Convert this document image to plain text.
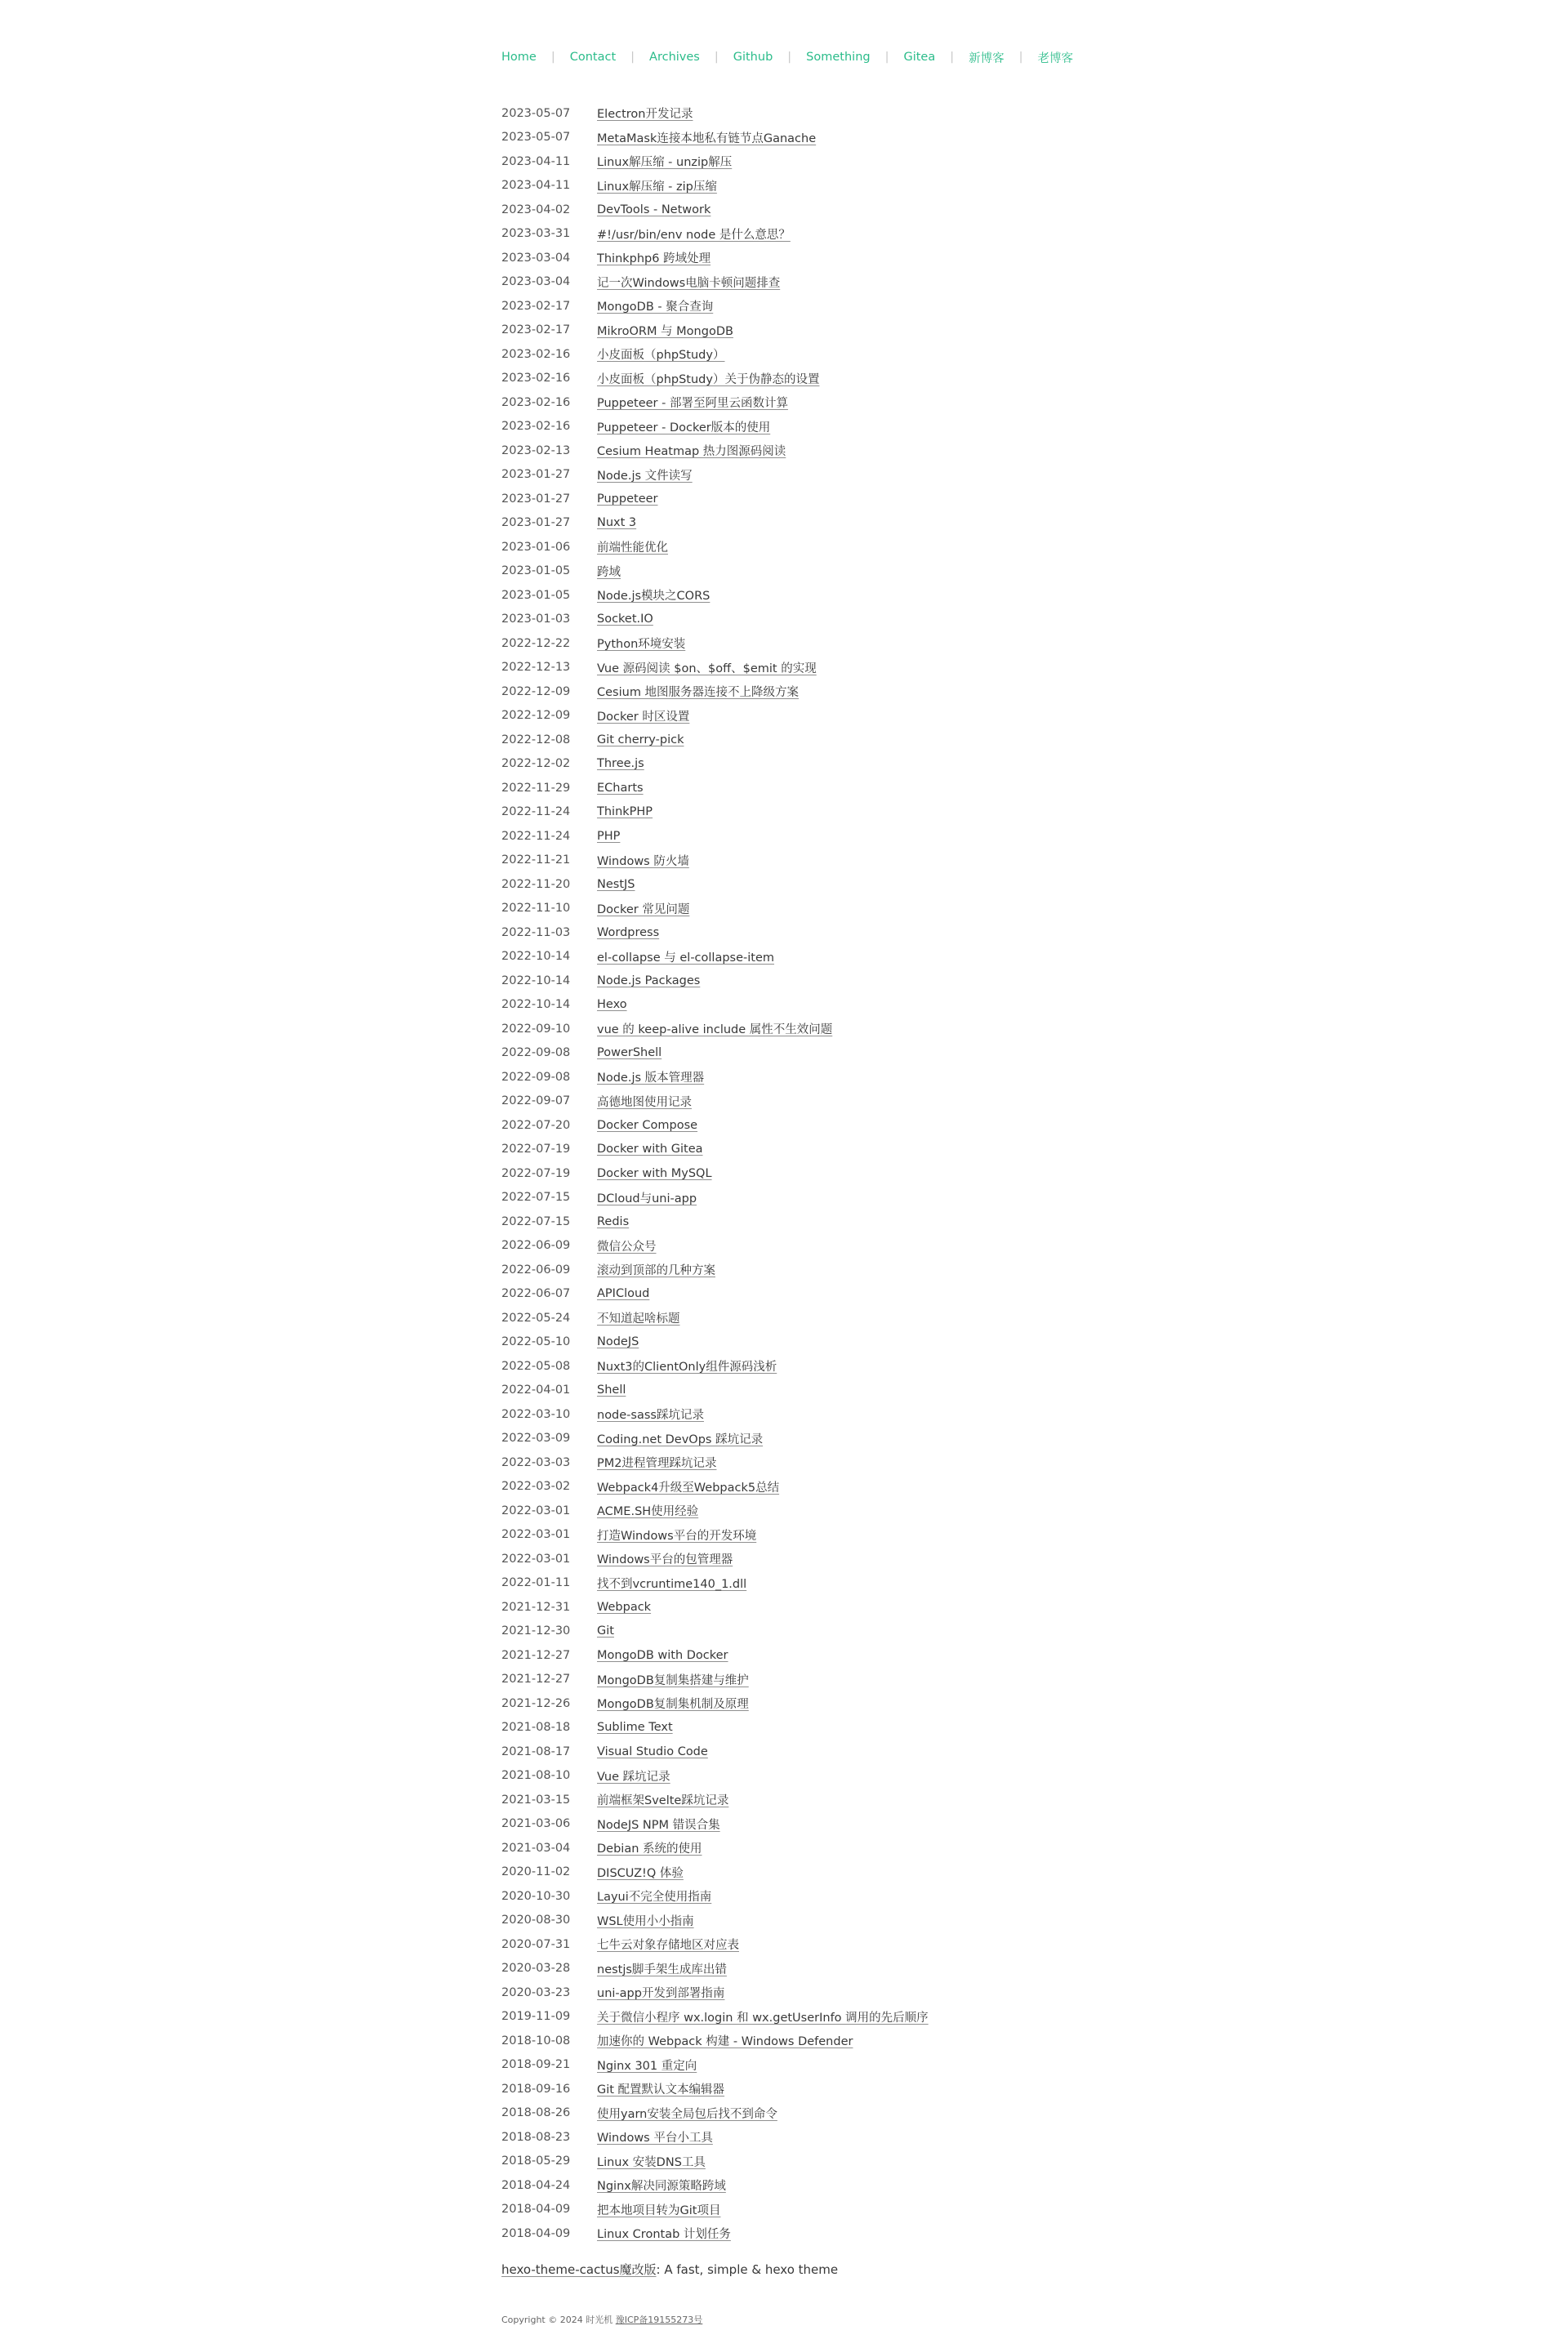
Home | Contact | Archives | Github | Something | Gitea | 新博客 | 老博客
2023-05-07	Electron开发记录
2023-05-07	MetaMask连接本地私有链节点Ganache
2023-04-11	Linux解压缩 - unzip解压
2023-04-11	Linux解压缩 - zip压缩
2023-04-02	DevTools - Network
2023-03-31	#!/usr/bin/env node 是什么意思？
2023-03-04	Thinkphp6 跨域处理
2023-03-04	记一次Windows电脑卡顿问题排查
2023-02-17	MongoDB - 聚合查询
2023-02-17	MikroORM 与 MongoDB
2023-02-16	小皮面板（phpStudy）
2023-02-16	小皮面板（phpStudy）关于伪静态的设置
2023-02-16	Puppeteer - 部署至阿里云函数计算
2023-02-16	Puppeteer - Docker版本的使用
2023-02-13	Cesium Heatmap 热力图源码阅读
2023-01-27	Node.js 文件读写
2023-01-27	Puppeteer
2023-01-27	Nuxt 3
2023-01-06	前端性能优化
2023-01-05	跨域
2023-01-05	Node.js模块之CORS
2023-01-03	Socket.IO
2022-12-22	Python环境安装
2022-12-13	Vue 源码阅读 $on、$off、$emit 的实现
2022-12-09	Cesium 地图服务器连接不上降级方案
2022-12-09	Docker 时区设置
2022-12-08	Git cherry-pick
2022-12-02	Three.js
2022-11-29	ECharts
2022-11-24	ThinkPHP
2022-11-24	PHP
2022-11-21	Windows 防火墙
2022-11-20	NestJS
2022-11-10	Docker 常见问题
2022-11-03	Wordpress
2022-10-14	el-collapse 与 el-collapse-item
2022-10-14	Node.js Packages
2022-10-14	Hexo
2022-09-10	vue 的 keep-alive include 属性不生效问题
2022-09-08	PowerShell
2022-09-08	Node.js 版本管理器
2022-09-07	高德地图使用记录
2022-07-20	Docker Compose
2022-07-19	Docker with Gitea
2022-07-19	Docker with MySQL
2022-07-15	DCloud与uni-app
2022-07-15	Redis
2022-06-09	微信公众号
2022-06-09	滚动到顶部的几种方案
2022-06-07	APICloud
2022-05-24	不知道起啥标题
2022-05-10	NodeJS
2022-05-08	Nuxt3的ClientOnly组件源码浅析
2022-04-01	Shell
2022-03-10	node-sass踩坑记录
2022-03-09	Coding.net DevOps 踩坑记录
2022-03-03	PM2进程管理踩坑记录
2022-03-02	Webpack4升级至Webpack5总结
2022-03-01	ACME.SH使用经验
2022-03-01	打造Windows平台的开发环境
2022-03-01	Windows平台的包管理器
2022-01-11	找不到vcruntime140_1.dll
2021-12-31	Webpack
2021-12-30	Git
2021-12-27	MongoDB with Docker
2021-12-27	MongoDB复制集搭建与维护
2021-12-26	MongoDB复制集机制及原理
2021-08-18	Sublime Text
2021-08-17	Visual Studio Code
2021-08-10	Vue 踩坑记录
2021-03-15	前端框架Svelte踩坑记录
2021-03-06	NodeJS NPM 错误合集
2021-03-04	Debian 系统的使用
2020-11-02	DISCUZ!Q 体验
2020-10-30	Layui不完全使用指南
2020-08-30	WSL使用小小指南
2020-07-31	七牛云对象存储地区对应表
2020-03-28	nestjs脚手架生成库出错
2020-03-23	uni-app开发到部署指南
2019-11-09	关于微信小程序 wx.login 和 wx.getUserInfo 调用的先后顺序
2018-10-08	加速你的 Webpack 构建 - Windows Defender
2018-09-21	Nginx 301 重定向
2018-09-16	Git 配置默认文本编辑器
2018-08-26	使用yarn安装全局包后找不到命令
2018-08-23	Windows 平台小工具
2018-05-29	Linux 安装DNS工具
2018-04-24	Nginx解决同源策略跨域
2018-04-09	把本地项目转为Git项目
2018-04-09	Linux Crontab 计划任务
hexo-theme-cactus魔改版: A fast, simple & hexo theme
Copyright © 2024 时光机 豫ICP备19155273号
